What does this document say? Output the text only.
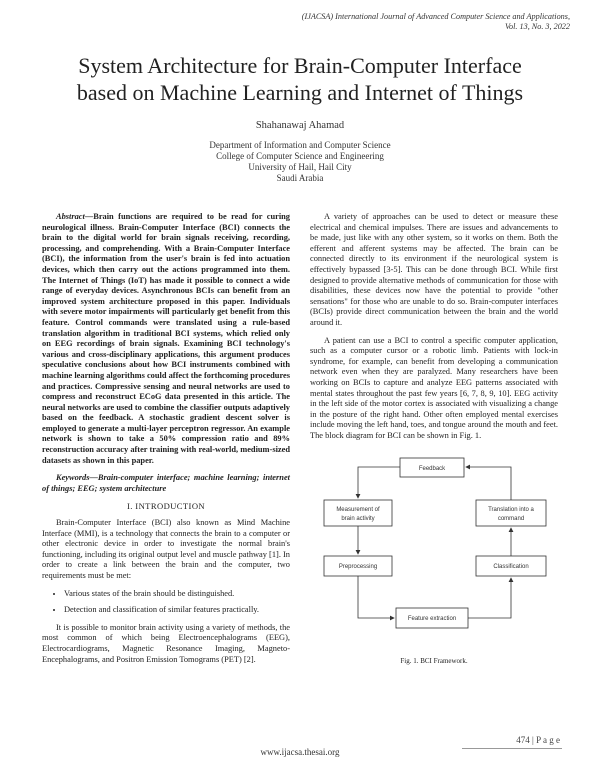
(IJACSA) International Journal of Advanced Computer Science and Applications,
Vol. 13, No. 3, 2022
System Architecture for Brain-Computer Interface
based on Machine Learning and Internet of Things
Shahanawaj Ahamad
Department of Information and Computer Science
College of Computer Science and Engineering
University of Hail, Hail City
Saudi Arabia

Abstract—Brain functions are required to be read for curing neurological illness. Brain-Computer Interface (BCI) connects the brain to the digital world for brain signals receiving, recording, processing, and comprehending. With a Brain-Computer Interface (BCI), the information from the user's brain is fed into actuation devices, which then carry out the actions programmed into them. The Internet of Things (IoT) has made it possible to connect a wide range of everyday devices. Asynchronous BCIs can benefit from an improved system architecture proposed in this paper. Individuals with severe motor impairments will particularly get benefit from this feature. Control commands were translated using a rule-based translation algorithm in traditional BCI systems, which relied only on EEG recordings of brain signals. Examining BCI technology's various and cross-disciplinary applications, this argument produces speculative conclusions about how BCI instruments combined with machine learning algorithms could affect the forthcoming procedures and practices. Compressive sensing and neural networks are used to compress and reconstruct ECoG data presented in this article. The neural networks are used to combine the classifier outputs adaptively based on the feedback. A stochastic gradient descent solver is employed to generate a multi-layer perceptron regressor. An example network is shown to take a 50% compression ratio and 89% reconstruction accuracy after training with real-world, medium-sized datasets as shown in this paper.

Keywords—Brain-computer interface; machine learning; internet of things; EEG; system architecture

I. INTRODUCTION

Brain-Computer Interface (BCI) also known as Mind Machine Interface (MMI), is a technology that connects the brain to a computer or other electronic device in order to investigate the normal brain's functioning, including its original output level and muscle pathway [1]. In order to create a link between the brain and the computer, two requirements must be met:

• Various states of the brain should be distinguished.
• Detection and classification of similar features practically.

It is possible to monitor brain activity using a variety of methods, the most common of which being Electroencephalograms (EEG), Electrocardiograms, Magnetic Resonance Imaging, Magneto-Encephalograms, and Positron Emission Tomograms (PET) [2].

A variety of approaches can be used to detect or measure these electrical and chemical impulses. There are issues and advancements to be made, just like with any other system, so it works on them. Both the efferent and afferent systems may be affected. The brain can be connected directly to its environment if the neurological system is effectively bypassed [3-5]. This can be done through BCI. While first designed to provide alternative methods of communication for those with disabilities, these devices now have the potential to provide "other sensations" for those who are unable to do so. Brain-computer interfaces (BCIs) provide direct communication between the brain and the world around it.

A patient can use a BCI to control a specific computer application, such as a computer cursor or a robotic limb. Patients with lock-in syndrome, for example, can benefit from developing a communication network even when they are paralyzed. Many researchers have been working on BCIs to capture and analyze EEG patterns associated with mental states throughout the past few years [6, 7, 8, 9, 10]. EEG activity in the left side of the motor cortex is associated with visualizing a change in the posture of the right hand. Other often employed mental exercises include moving the left hand, toes, and tongue around the mouth and feet. The block diagram for BCI can be shown in Fig. 1.

Feedback
Measurement of
brain activity
Translation into a
command
Preprocessing	Classification
Feature extraction
Fig. 1. BCI Framework.
474 | P a g e
www.ijacsa.thesai.org
